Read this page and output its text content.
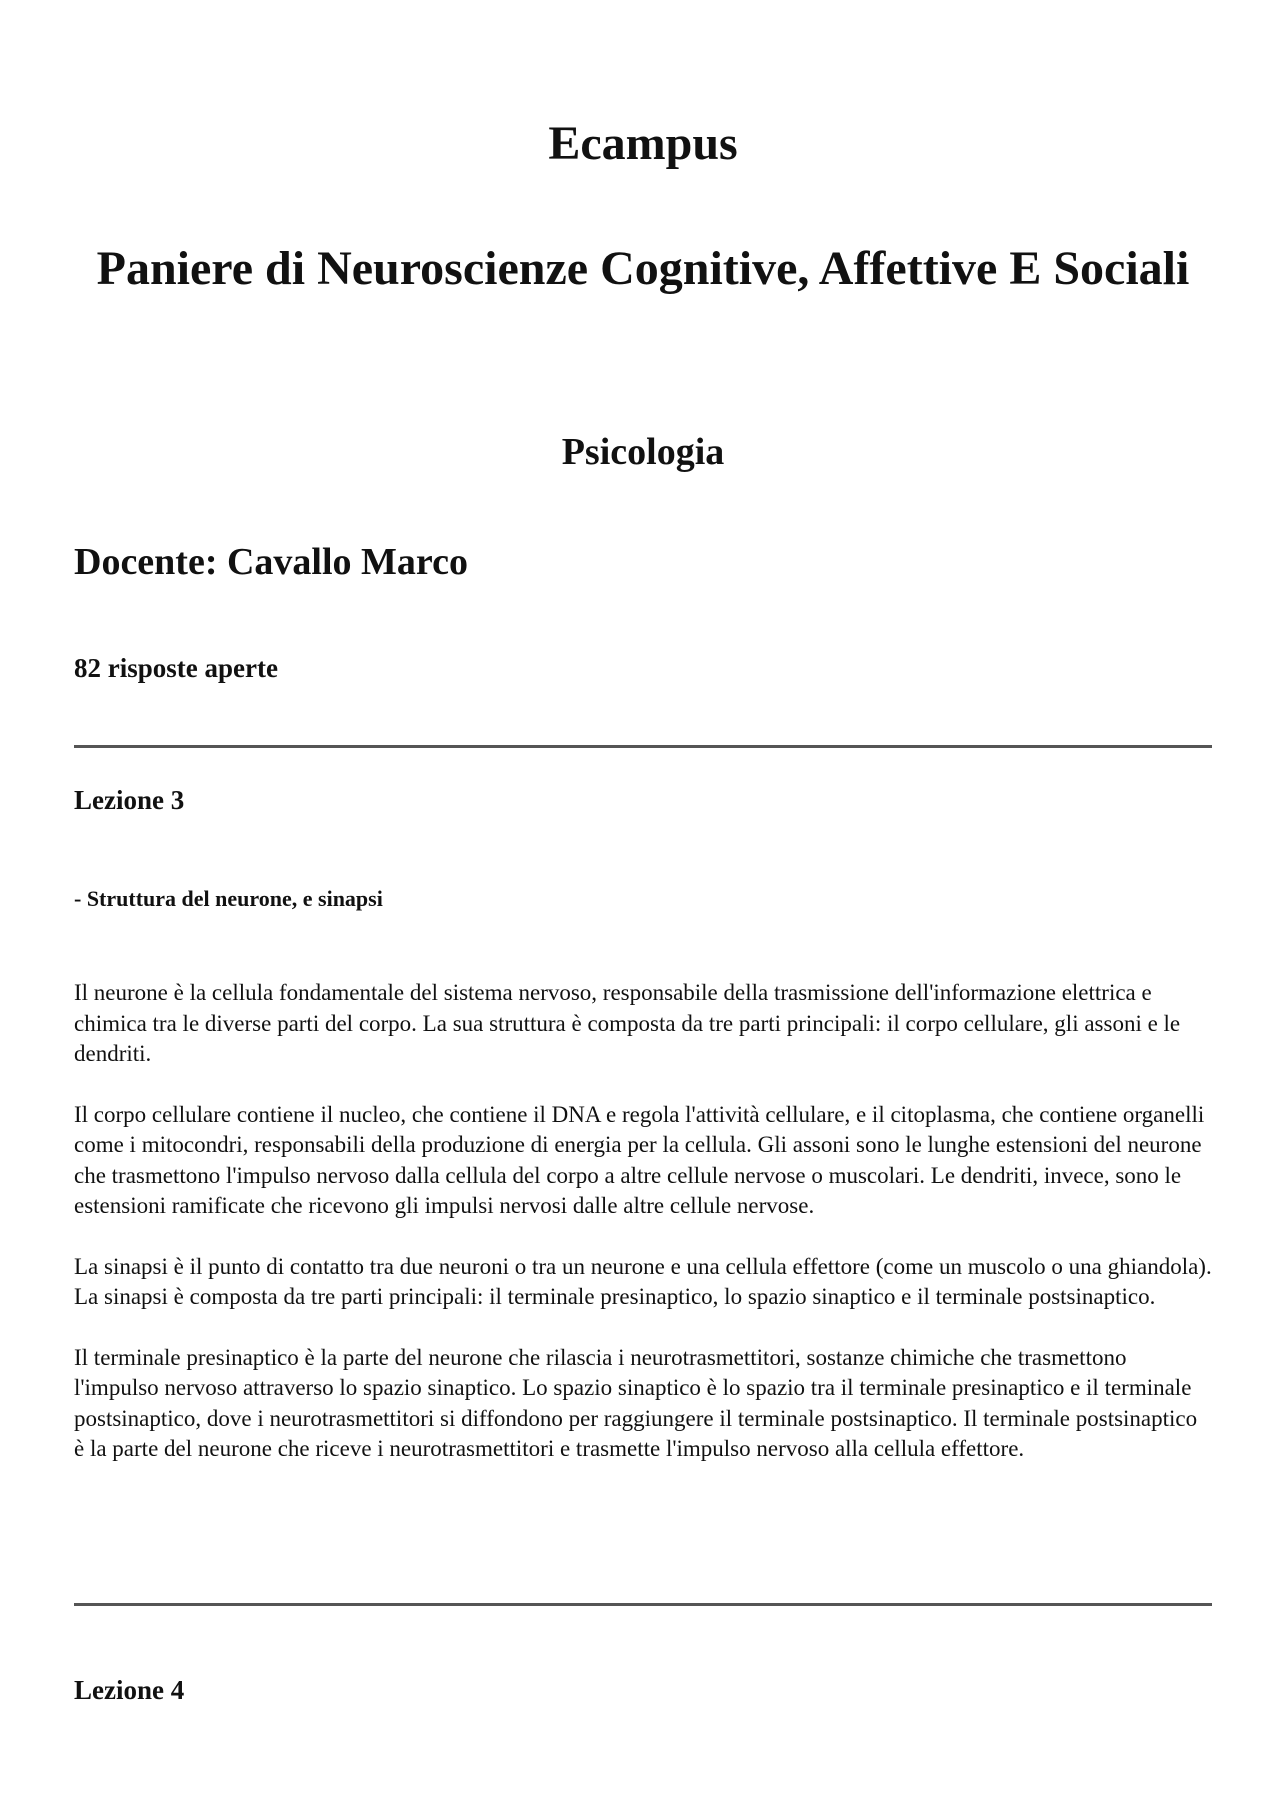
Ecampus
Paniere di Neuroscienze Cognitive, Affettive E Sociali
Psicologia
Docente: Cavallo Marco
82 risposte aperte
Lezione 3
- Struttura del neurone, e sinapsi

Il neurone è la cellula fondamentale del sistema nervoso, responsabile della trasmissione dell'informazione elettrica e chimica tra le diverse parti del corpo. La sua struttura è composta da tre parti principali: il corpo cellulare, gli assoni e le dendriti.

Il corpo cellulare contiene il nucleo, che contiene il DNA e regola l'attività cellulare, e il citoplasma, che contiene organelli come i mitocondri, responsabili della produzione di energia per la cellula. Gli assoni sono le lunghe estensioni del neurone che trasmettono l'impulso nervoso dalla cellula del corpo a altre cellule nervose o muscolari. Le dendriti, invece, sono le estensioni ramificate che ricevono gli impulsi nervosi dalle altre cellule nervose.

La sinapsi è il punto di contatto tra due neuroni o tra un neurone e una cellula effettore (come un muscolo o una ghiandola). La sinapsi è composta da tre parti principali: il terminale presinaptico, lo spazio sinaptico e il terminale postsinaptico.

Il terminale presinaptico è la parte del neurone che rilascia i neurotrasmettitori, sostanze chimiche che trasmettono l'impulso nervoso attraverso lo spazio sinaptico. Lo spazio sinaptico è lo spazio tra il terminale presinaptico e il terminale postsinaptico, dove i neurotrasmettitori si diffondono per raggiungere il terminale postsinaptico. Il terminale postsinaptico è la parte del neurone che riceve i neurotrasmettitori e trasmette l'impulso nervoso alla cellula effettore.

Lezione 4
